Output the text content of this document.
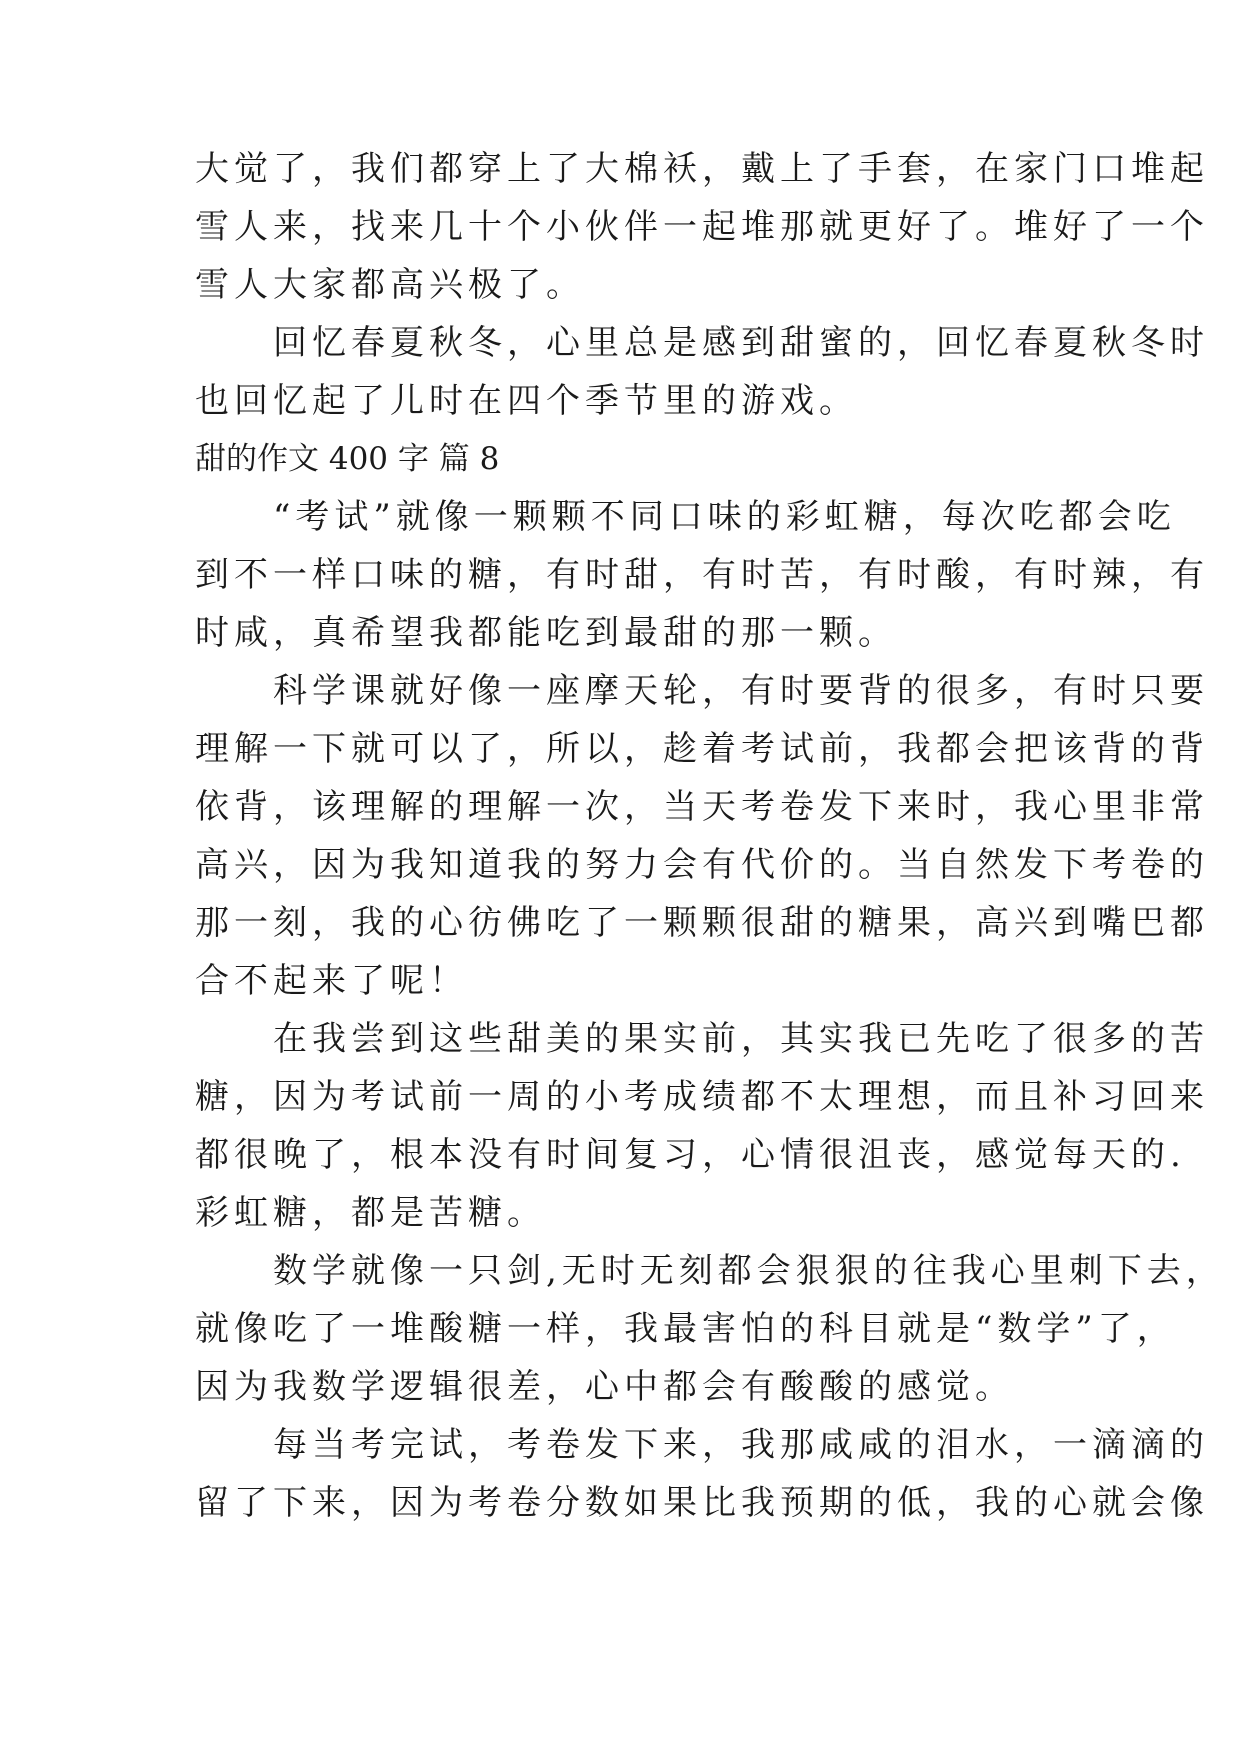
大觉了，我们都穿上了大棉袄，戴上了手套，在家门口堆起
雪人来，找来几十个小伙伴一起堆那就更好了。堆好了一个
雪人大家都高兴极了。
　　回忆春夏秋冬，心里总是感到甜蜜的，回忆春夏秋冬时
也回忆起了儿时在四个季节里的游戏。
甜的作文 400 字 篇 8
　　“考试”就像一颗颗不同口味的彩虹糖，每次吃都会吃
到不一样口味的糖，有时甜，有时苦，有时酸，有时辣，有
时咸，真希望我都能吃到最甜的那一颗。
　　科学课就好像一座摩天轮，有时要背的很多，有时只要
理解一下就可以了，所以，趁着考试前，我都会把该背的背
依背，该理解的理解一次，当天考卷发下来时，我心里非常
高兴，因为我知道我的努力会有代价的。当自然发下考卷的
那一刻，我的心彷佛吃了一颗颗很甜的糖果，高兴到嘴巴都
合不起来了呢！
　　在我尝到这些甜美的果实前，其实我已先吃了很多的苦
糖，因为考试前一周的小考成绩都不太理想，而且补习回来
都很晚了，根本没有时间复习，心情很沮丧，感觉每天的.
彩虹糖，都是苦糖。
　　数学就像一只剑,无时无刻都会狠狠的往我心里刺下去，
就像吃了一堆酸糖一样，我最害怕的科目就是“数学”了，
因为我数学逻辑很差，心中都会有酸酸的感觉。
　　每当考完试，考卷发下来，我那咸咸的泪水，一滴滴的
留了下来，因为考卷分数如果比我预期的低，我的心就会像
